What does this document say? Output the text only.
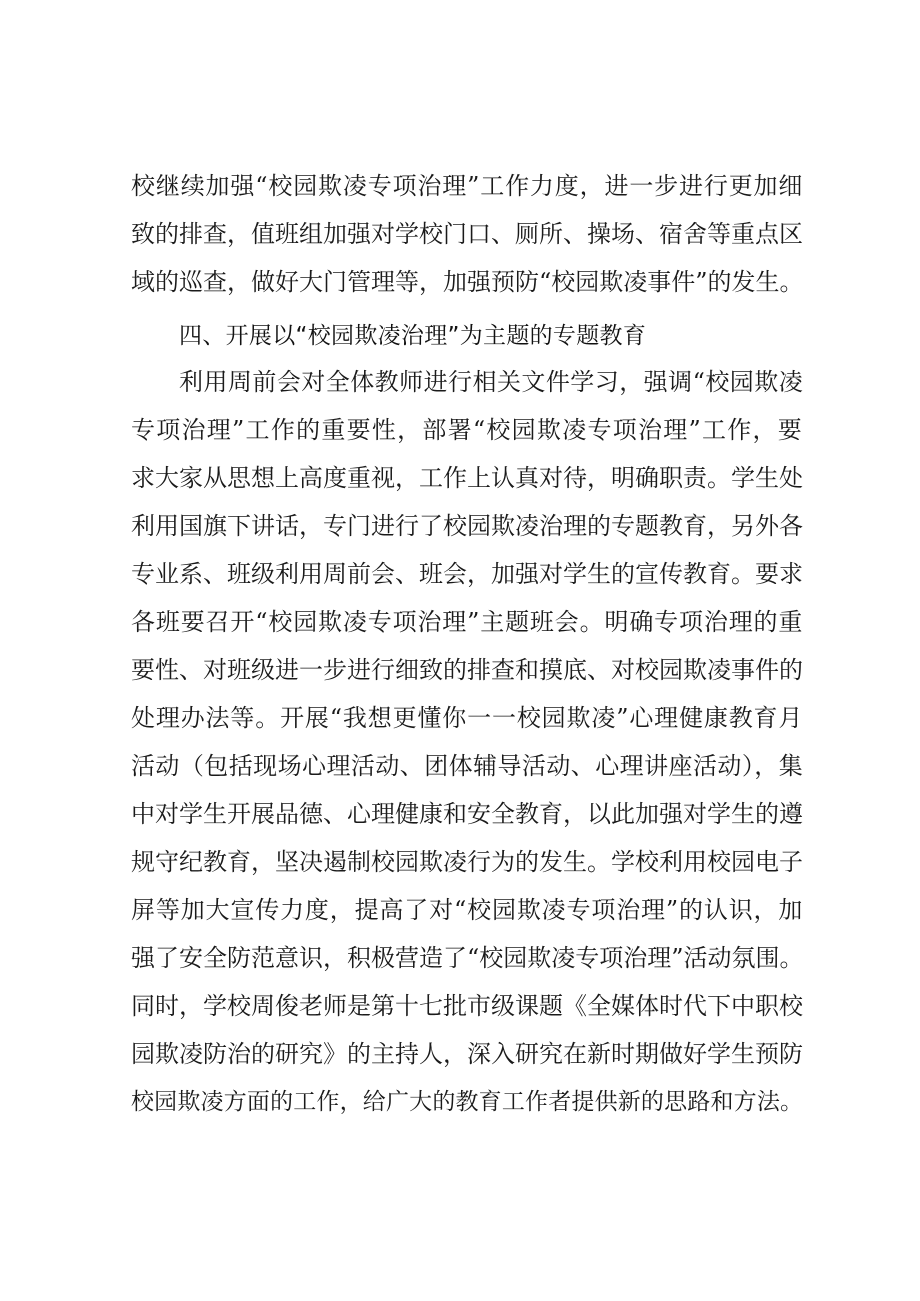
校继续加强“校园欺凌专项治理”工作力度，进一步进行更加细
致的排查，值班组加强对学校门口、厕所、操场、宿舍等重点区
域的巡查，做好大门管理等，加强预防“校园欺凌事件”的发生。
四、开展以“校园欺凌治理”为主题的专题教育
利用周前会对全体教师进行相关文件学习，强调“校园欺凌
专项治理”工作的重要性，部署“校园欺凌专项治理”工作，要
求大家从思想上高度重视，工作上认真对待，明确职责。学生处
利用国旗下讲话，专门进行了校园欺凌治理的专题教育，另外各
专业系、班级利用周前会、班会，加强对学生的宣传教育。要求
各班要召开“校园欺凌专项治理”主题班会。明确专项治理的重
要性、对班级进一步进行细致的排查和摸底、对校园欺凌事件的
处理办法等。开展“我想更懂你一一校园欺凌”心理健康教育月
活动（包括现场心理活动、团体辅导活动、心理讲座活动），集
中对学生开展品德、心理健康和安全教育，以此加强对学生的遵
规守纪教育，坚决遏制校园欺凌行为的发生。学校利用校园电子
屏等加大宣传力度，提高了对“校园欺凌专项治理”的认识，加
强了安全防范意识，积极营造了“校园欺凌专项治理”活动氛围。
同时，学校周俊老师是第十七批市级课题《全媒体时代下中职校
园欺凌防治的研究》的主持人，深入研究在新时期做好学生预防
校园欺凌方面的工作，给广大的教育工作者提供新的思路和方法。
